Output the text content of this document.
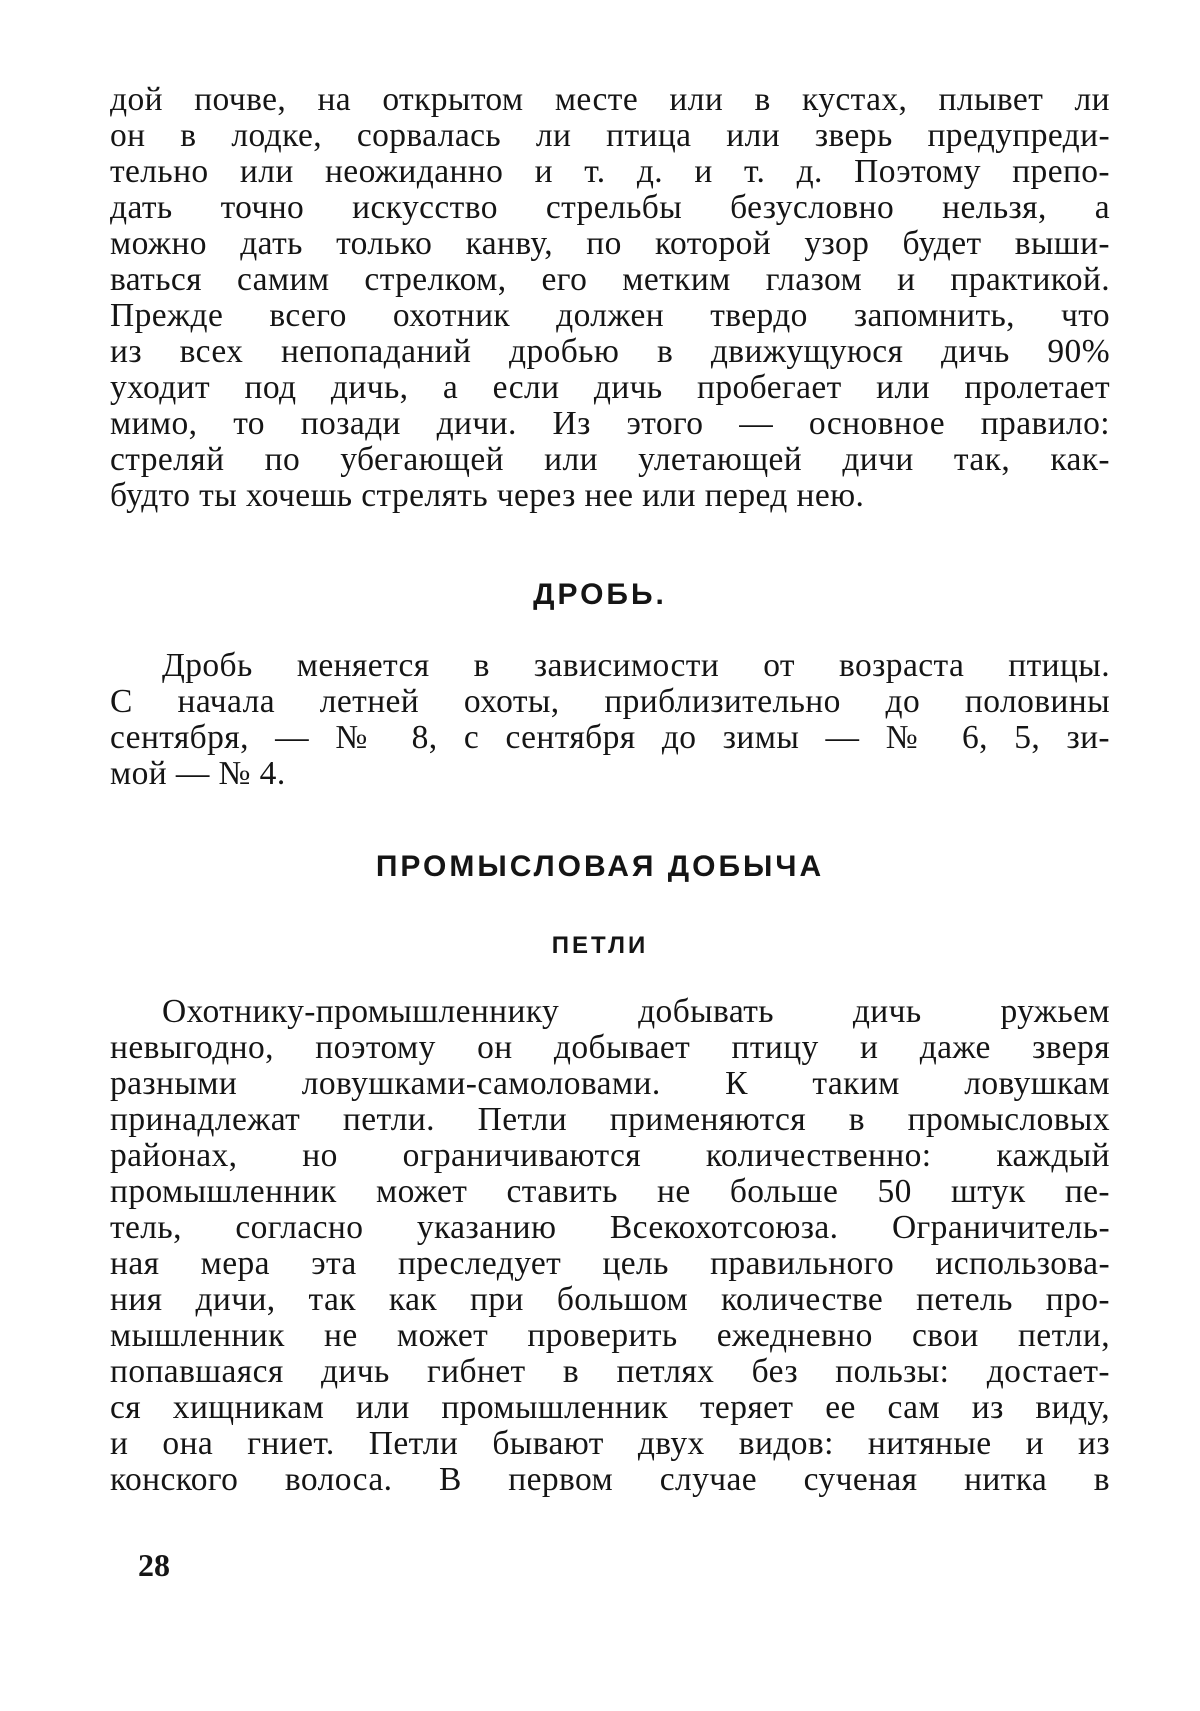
дой почве, на открытом месте или в кустах, плывет ли
он в лодке, сорвалась ли птица или зверь предупреди-
тельно или неожиданно и т. д. и т. д. Поэтому препо-
дать точно искусство стрельбы безусловно нельзя, а
можно дать только канву, по которой узор будет выши-
ваться самим стрелком, его метким глазом и практикой.
Прежде всего охотник должен твердо запомнить, что
из всех непопаданий дробью в движущуюся дичь 90%
уходит под дичь, а если дичь пробегает или пролетает
мимо, то позади дичи. Из этого — основное правило:
стреляй по убегающей или улетающей дичи так, как-
будто ты хочешь стрелять через нее или перед нею.
ДРОБЬ.
Дробь меняется в зависимости от возраста птицы.
С начала летней охоты, приблизительно до половины
сентября, — № 8, с сентября до зимы — № 6, 5, зи-
мой — № 4.
ПРОМЫСЛОВАЯ ДОБЫЧА
ПЕТЛИ
Охотнику-промышленнику добывать дичь ружьем
невыгодно, поэтому он добывает птицу и даже зверя
разными ловушками-самоловами. К таким ловушкам
принадлежат петли. Петли применяются в промысловых
районах, но ограничиваются количественно: каждый
промышленник может ставить не больше 50 штук пе-
тель, согласно указанию Всекохотсоюза. Ограничитель-
ная мера эта преследует цель правильного использова-
ния дичи, так как при большом количестве петель про-
мышленник не может проверить ежедневно свои петли,
попавшаяся дичь гибнет в петлях без пользы: достает-
ся хищникам или промышленник теряет ее сам из виду,
и она гниет. Петли бывают двух видов: нитяные и из
конского волоса. В первом случае сученая нитка в
28
